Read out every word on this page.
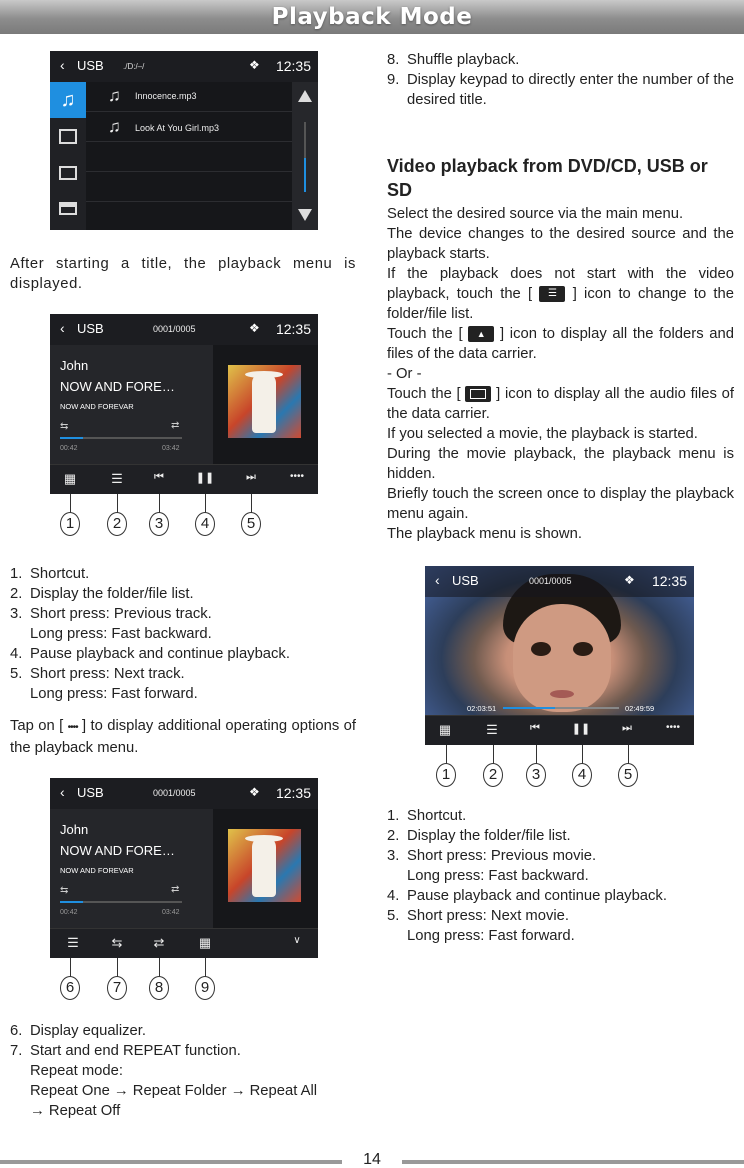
Playback Mode
‹ USB ./D:/–/	❖ 12:35
♫	♫ Innocence.mp3
♫ Look At You Girl.mp3

After starting a title, the playback menu is displayed.

‹ USB	0001/0005	❖ 12:35
John
NOW AND FORE…
NOW AND FOREVAR
⇆	⇄
00:42	03:42
▦	☰	⏮	❚❚	⏭	••••
1	2	3	4	5
1. Shortcut.
2. Display the folder/file list.
3. Short press: Previous track.
Long press: Fast backward.
4. Pause playback and continue playback.
5. Short press: Next track.
Long press: Fast forward.

Tap on [ •••• ] to display additional operating options of the playback menu.

‹ USB	0001/0005	❖ 12:35
John
NOW AND FORE…
NOW AND FOREVAR
⇆	⇄
00:42	03:42
☰	⇆	⇄	▦	∨
6	7	8	9
6. Display equalizer.
7. Start and end REPEAT function.
Repeat mode:
Repeat One → Repeat Folder → Repeat All
→ Repeat Off
8. Shuffle playback.
9. Display keypad to directly enter the number of the desired title.
Video playback from DVD/CD, USB or SD

Select the desired source via the main menu.

The device changes to the desired source and the playback starts.

If the playback does not start with the video playback, touch the [ ☰ ] icon to change to the folder/file list.

Touch the [ ▲ ] icon to display all the folders and files of the data carrier.

- Or -

Touch the [ ] icon to display all the audio files of the data carrier.

If you selected a movie, the playback is started.

During the movie playback, the playback menu is hidden.

Briefly touch the screen once to display the playback menu again.

The playback menu is shown.

‹ USB	0001/0005	❖ 12:35
02:03:51	02:49:59
▦	☰	⏮	❚❚	⏭	••••
1	2	3	4	5
1. Shortcut.
2. Display the folder/file list.
3. Short press: Previous movie.
Long press: Fast backward.
4. Pause playback and continue playback.
5. Short press: Next movie.
Long press: Fast forward.
14
